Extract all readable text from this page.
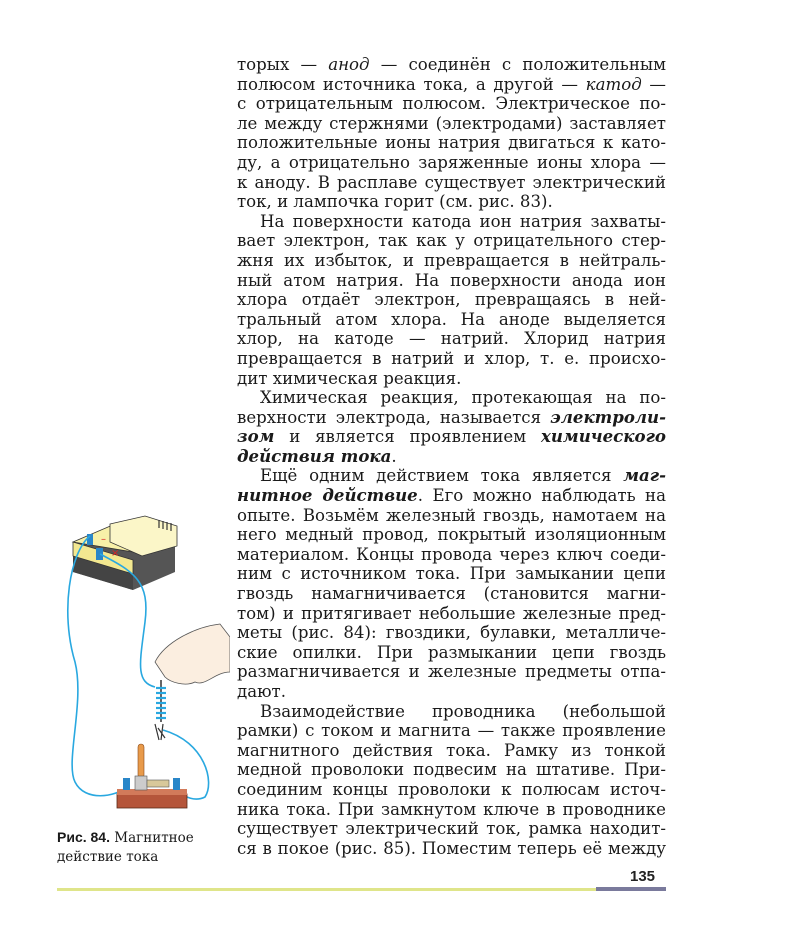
торых — анод — соединён с положительным
полюсом источника тока, а другой — катод —
с отрицательным полюсом. Электрическое по-
ле между стержнями (электродами) заставляет
положительные ионы натрия двигаться к като-
ду, а отрицательно заряженные ионы хлора —
к аноду. В расплаве существует электрический
ток, и лампочка горит (см. рис. 83).
На поверхности катода ион натрия захваты-
вает электрон, так как у отрицательного стер-
жня их избыток, и превращается в нейтраль-
ный атом натрия. На поверхности анода ион
хлора отдаёт электрон, превращаясь в ней-
тральный атом хлора. На аноде выделяется
хлор, на катоде — натрий. Хлорид натрия
превращается в натрий и хлор, т. е. происхо-
дит химическая реакция.
Химическая реакция, протекающая на по-
верхности электрода, называется электроли-
зом и является проявлением химического
действия тока.
Ещё одним действием тока является маг-
нитное действие. Его можно наблюдать на
опыте. Возьмём железный гвоздь, намотаем на
него медный провод, покрытый изоляционным
материалом. Концы провода через ключ соеди-
ним с источником тока. При замыкании цепи
гвоздь намагничивается (становится магни-
том) и притягивает небольшие железные пред-
меты (рис. 84): гвоздики, булавки, металличе-
ские опилки. При размыкании цепи гвоздь
размагничивается и железные предметы отпа-
дают.
Взаимодействие проводника (небольшой
рамки) с током и магнита — также проявление
магнитного действия тока. Рамку из тонкой
медной проволоки подвесим на штативе. При-
соединим концы проволоки к полюсам источ-
ника тока. При замкнутом ключе в проводнике
существует электрический ток, рамка находит-
ся в покое (рис. 85). Поместим теперь её между
–
×
Рис. 84. Магнитное
действие тока
135
